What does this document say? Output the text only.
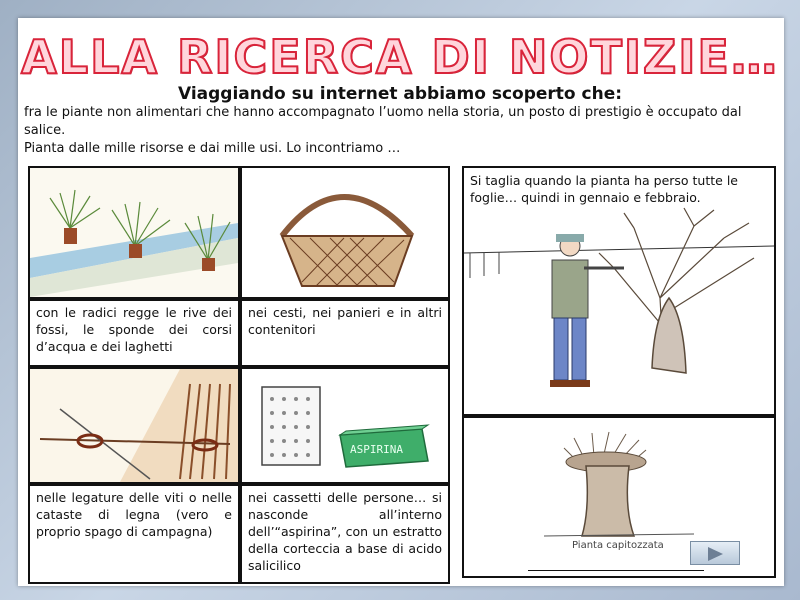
ALLA RICERCA DI NOTIZIE…
Viaggiando su internet abbiamo scoperto che:

fra le piante non alimentari che hanno accompagnato l’uomo nella storia, un posto di prestigio è occupato dal salice.

Pianta dalle mille risorse e dai mille usi. Lo incontriamo …

con le radici regge le rive dei fossi, le sponde dei corsi d’acqua e dei laghetti
nei cesti, nei panieri e in altri contenitori
ASPIRINA
nelle legature delle viti o nelle cataste di legna (vero e proprio spago di campagna)
nei cassetti delle persone… si nasconde all’interno dell’“aspirina”, con un estratto della corteccia a base di acido salicilico
Si taglia quando la pianta ha perso tutte le foglie… quindi in gennaio e febbraio.
Pianta capitozzata
